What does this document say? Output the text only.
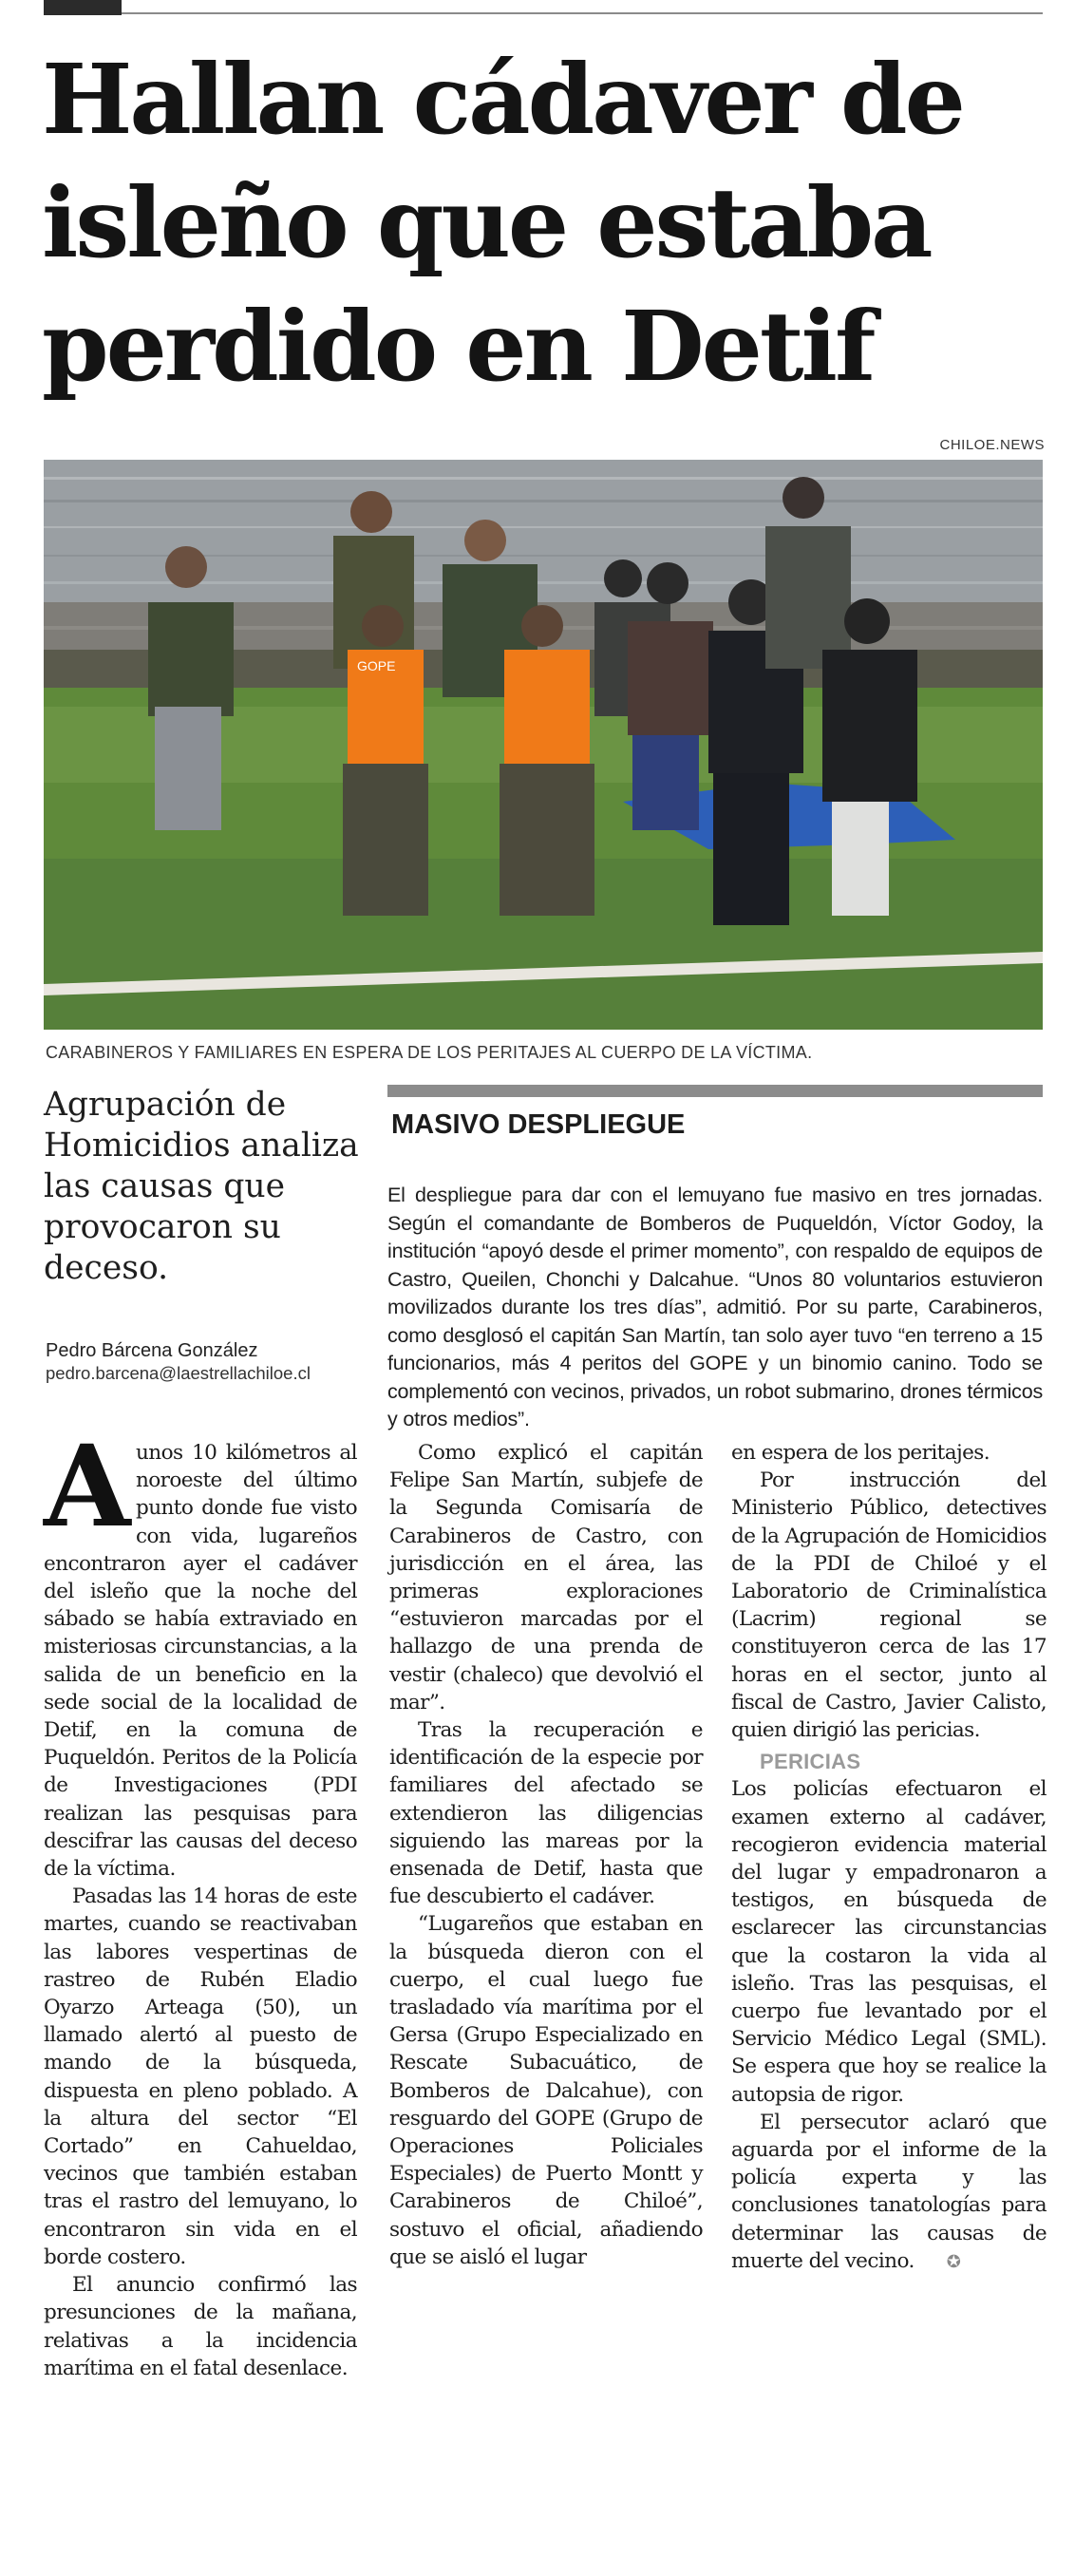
Hallan cádaver de isleño que estaba perdido en Detif
CHILOE.NEWS
GOPE
CARABINEROS Y FAMILIARES EN ESPERA DE LOS PERITAJES AL CUERPO DE LA VÍCTIMA.
Agrupación de Homicidios analiza las causas que provocaron su deceso.
Pedro Bárcena González
pedro.barcena@laestrellachiloe.cl
MASIVO DESPLIEGUE
El despliegue para dar con el lemuyano fue masivo en tres jornadas. Según el comandante de Bomberos de Puqueldón, Víctor Godoy, la institución “apoyó desde el primer momento”, con respaldo de equipos de Castro, Queilen, Chonchi y Dalcahue. “Unos 80 voluntarios estuvieron movilizados durante los tres días”, admitió. Por su parte, Carabineros, como desglosó el capitán San Martín, tan solo ayer tuvo “en terreno a 15 funcionarios, más 4 peritos del GOPE y un binomio canino. Todo se complementó con vecinos, privados, un robot submarino, drones térmicos y otros medios”.

Aunos 10 kilómetros al noroeste del último punto donde fue visto con vida, lugareños encontraron ayer el cadáver del isleño que la noche del sábado se había extraviado en misteriosas circunstancias, a la salida de un beneficio en la sede social de la localidad de Detif, en la comuna de Puqueldón. Peritos de la Policía de Investigaciones (PDI realizan las pesquisas para descifrar las causas del deceso de la víctima.

Pasadas las 14 horas de este martes, cuando se reactivaban las labores vespertinas de rastreo de Rubén Eladio Oyarzo Arteaga (50), un llamado alertó al puesto de mando de la búsqueda, dispuesta en pleno poblado. A la altura del sector “El Cortado” en Cahueldao, vecinos que también estaban tras el rastro del lemuyano, lo encontraron sin vida en el borde costero.

El anuncio confirmó las presunciones de la mañana, relativas a la incidencia marítima en el fatal desenlace.

Como explicó el capitán Felipe San Martín, subjefe de la Segunda Comisaría de Carabineros de Castro, con jurisdicción en el área, las primeras exploraciones “estuvieron marcadas por el hallazgo de una prenda de vestir (chaleco) que devolvió el mar”.

Tras la recuperación e identificación de la especie por familiares del afectado se extendieron las diligencias siguiendo las mareas por la ensenada de Detif, hasta que fue descubierto el cadáver.

“Lugareños que estaban en la búsqueda dieron con el cuerpo, el cual luego fue trasladado vía marítima por el Gersa (Grupo Especializado en Rescate Subacuático, de Bomberos de Dalcahue), con resguardo del GOPE (Grupo de Operaciones Policiales Especiales) de Puerto Montt y Carabineros de Chiloé”, sostuvo el oficial, añadiendo que se aisló el lugar

en espera de los peritajes.

Por instrucción del Ministerio Público, detectives de la Agrupación de Homicidios de la PDI de Chiloé y el Laboratorio de Criminalística (Lacrim) regional se constituyeron cerca de las 17 horas en el sector, junto al fiscal de Castro, Javier Calisto, quien dirigió las pericias.

PERICIAS

Los policías efectuaron el examen externo al cadáver, recogieron evidencia material del lugar y empadronaron a testigos, en búsqueda de esclarecer las circunstancias que la costaron la vida al isleño. Tras las pesquisas, el cuerpo fue levantado por el Servicio Médico Legal (SML). Se espera que hoy se realice la autopsia de rigor.

El persecutor aclaró que aguarda por el informe de la policía experta y las conclusiones tanatologías para determinar las causas de muerte del vecino. ✪
